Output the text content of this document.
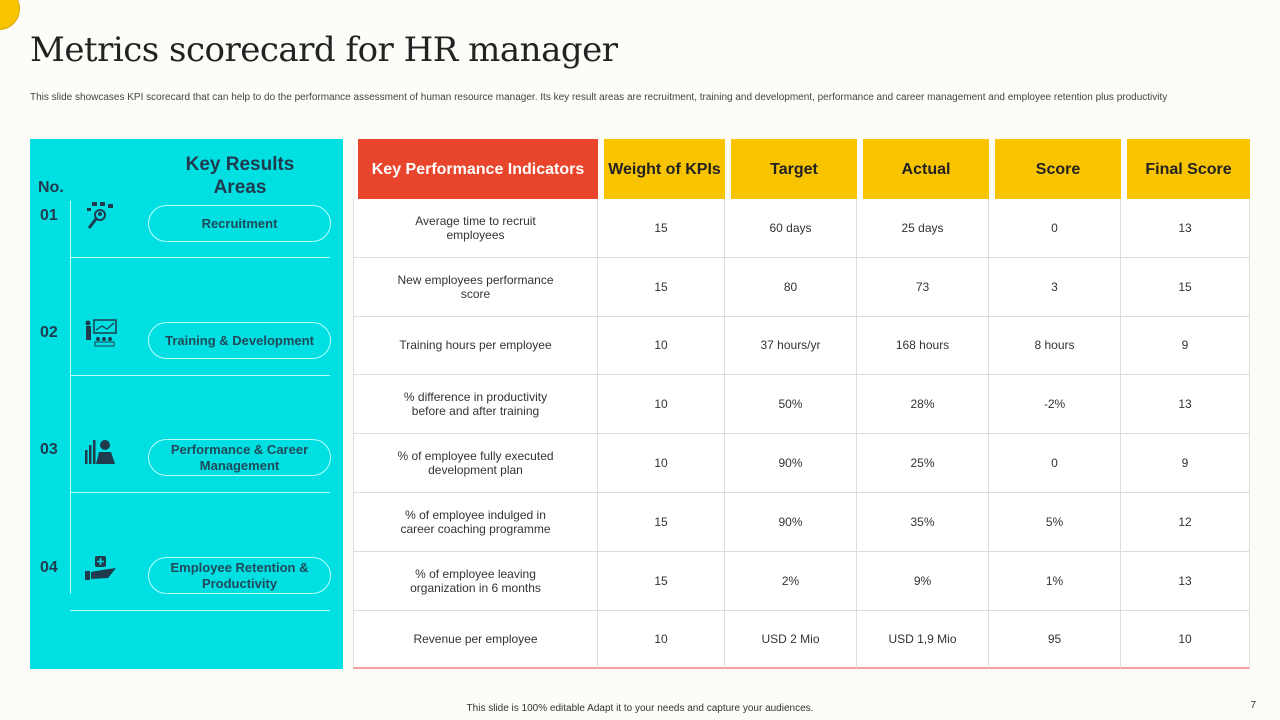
Metrics scorecard for HR manager

This slide showcases KPI scorecard that can help to do the performance assessment of human resource manager. Its key result areas are recruitment, training and development, performance and career management and employee retention plus productivity

No.
Key Results Areas
01	Recruitment
02	Training & Development
03	Performance & Career Management
04	Employee Retention & Productivity
Key Performance Indicators	Weight of KPIs	Target	Actual	Score	Final Score
Average time to recruit employees	15	60 days	25 days	0	13
New employees performance score	15	80	73	3	15
Training hours per employee	10	37 hours/yr	168 hours	8 hours	9
% difference in productivity before and after training	10	50%	28%	-2%	13
% of employee fully executed development plan	10	90%	25%	0	9
% of employee indulged in career coaching programme	15	90%	35%	5%	12
% of employee leaving organization in 6 months	15	2%	9%	1%	13
Revenue per employee	10	USD 2 Mio	USD 1,9 Mio	95	10
This slide is 100% editable Adapt it to your needs and capture your audiences.	7
